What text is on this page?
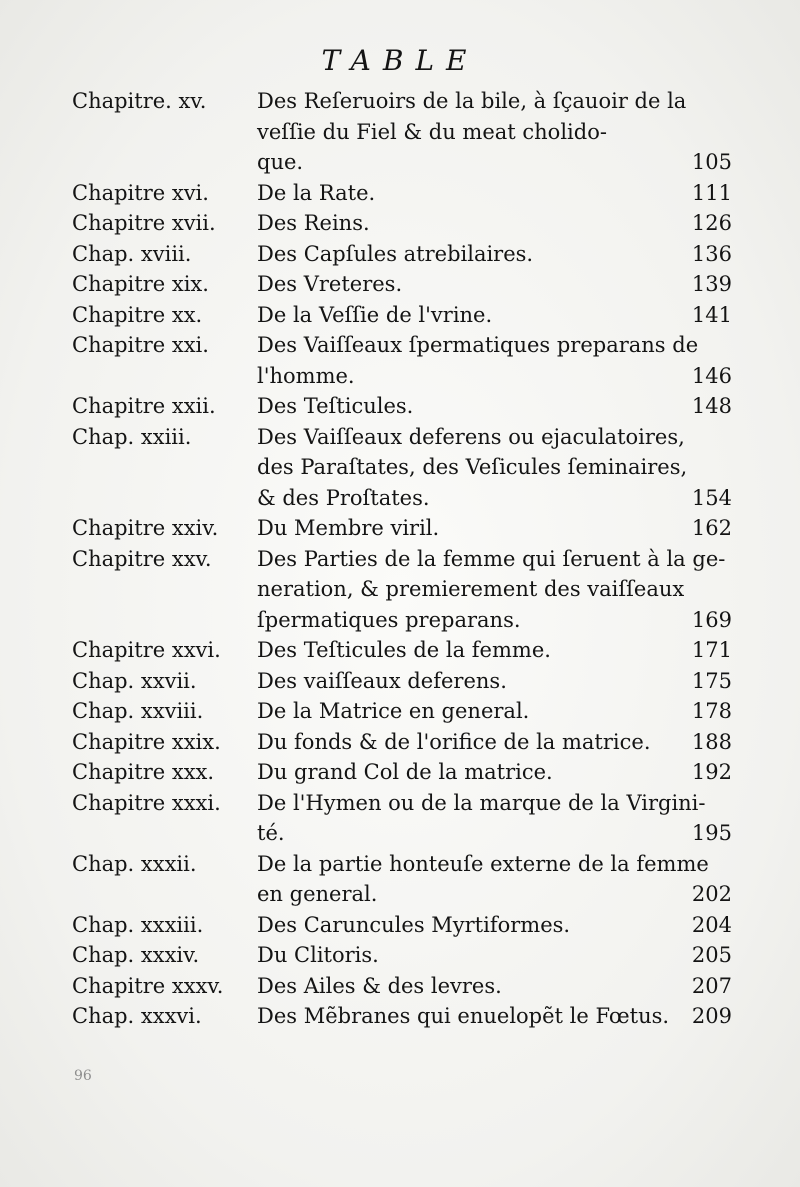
TABLE
Chapitre. xv.	Des Reſeruoirs de la bile, à ſçauoir de la
veſſie du Fiel & du meat cholido-
que.	105
Chapitre xvi.	De la Rate.	111
Chapitre xvii.	Des Reins.	126
Chap. xviii.	Des Capſules atrebilaires.	136
Chapitre xix.	Des Vreteres.	139
Chapitre xx.	De la Veſſie de l'vrine.	141
Chapitre xxi.	Des Vaiſſeaux ſpermatiques preparans de
l'homme.	146
Chapitre xxii.	Des Teſticules.	148
Chap. xxiii.	Des Vaiſſeaux deferens ou ejaculatoires,
des Paraſtates, des Veſicules ſeminaires,
& des Proſtates.	154
Chapitre xxiv.	Du Membre viril.	162
Chapitre xxv.	Des Parties de la femme qui ſeruent à la ge-
neration, & premierement des vaiſſeaux
ſpermatiques preparans.	169
Chapitre xxvi.	Des Teſticules de la femme.	171
Chap. xxvii.	Des vaiſſeaux deferens.	175
Chap. xxviii.	De la Matrice en general.	178
Chapitre xxix.	Du fonds & de l'orifice de la matrice. 188
Chapitre xxx.	Du grand Col de la matrice.	192
Chapitre xxxi.	De l'Hymen ou de la marque de la Virgini-
té.	195
Chap. xxxii.	De la partie honteuſe externe de la femme
en general.	202
Chap. xxxiii.	Des Caruncules Myrtiformes.	204
Chap. xxxiv.	Du Clitoris.	205
Chapitre xxxv.	Des Ailes & des levres.	207
Chap. xxxvi.	Des Mẽbranes qui enuelopẽt le Fœtus. 209
96
